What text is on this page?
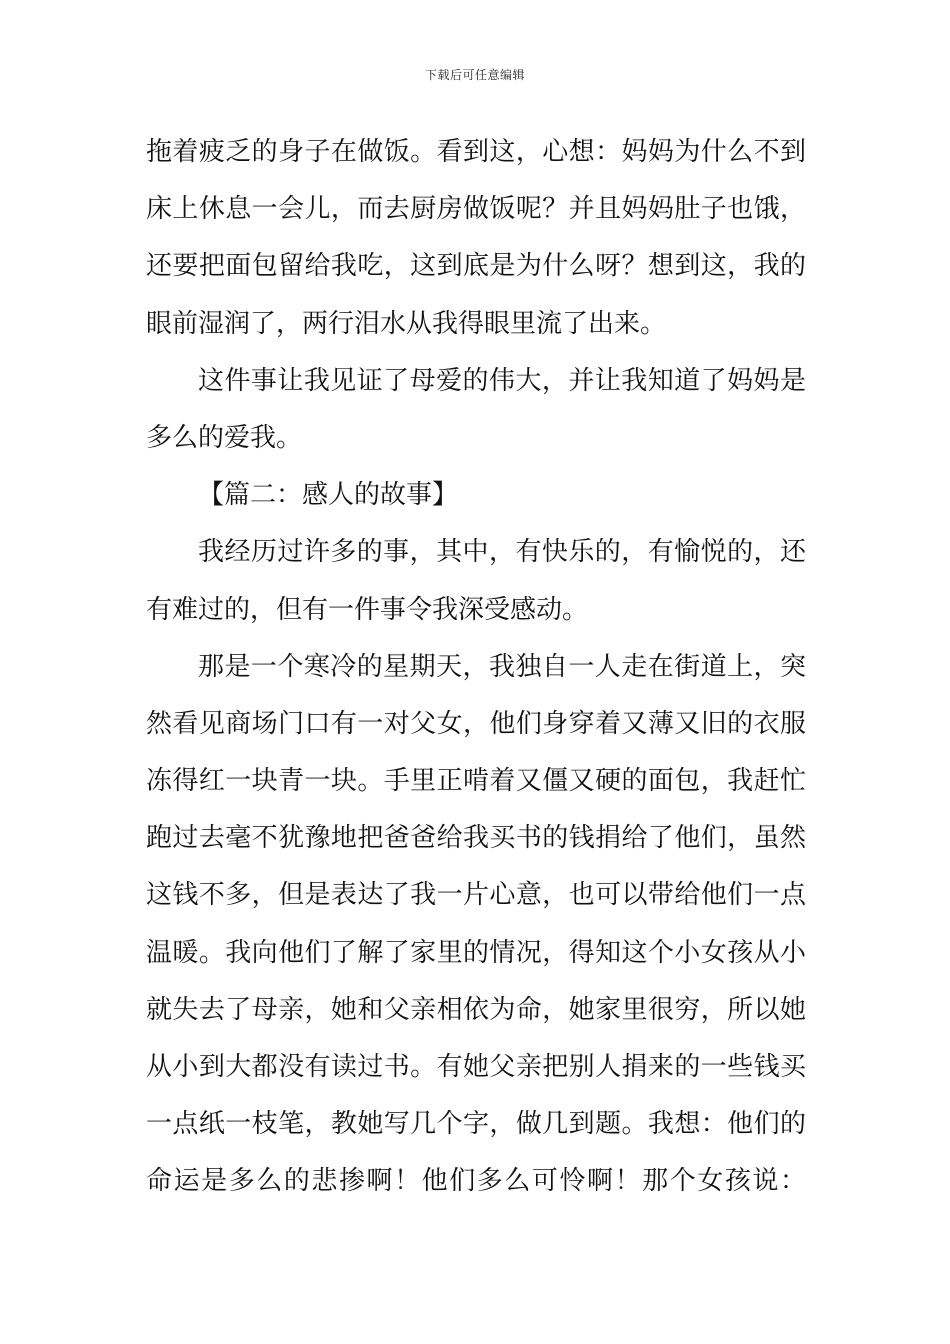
下载后可任意编辑
拖着疲乏的身子在做饭。看到这，心想：妈妈为什么不到
床上休息一会儿，而去厨房做饭呢？并且妈妈肚子也饿，
还要把面包留给我吃，这到底是为什么呀？想到这，我的
眼前湿润了，两行泪水从我得眼里流了出来。
这件事让我见证了母爱的伟大，并让我知道了妈妈是
多么的爱我。
【篇二：感人的故事】
我经历过许多的事，其中，有快乐的，有愉悦的，还
有难过的，但有一件事令我深受感动。
那是一个寒冷的星期天，我独自一人走在街道上，突
然看见商场门口有一对父女，他们身穿着又薄又旧的衣服
冻得红一块青一块。手里正啃着又僵又硬的面包，我赶忙
跑过去毫不犹豫地把爸爸给我买书的钱捐给了他们，虽然
这钱不多，但是表达了我一片心意，也可以带给他们一点
温暖。我向他们了解了家里的情况，得知这个小女孩从小
就失去了母亲，她和父亲相依为命，她家里很穷，所以她
从小到大都没有读过书。有她父亲把别人捐来的一些钱买
一点纸一枝笔，教她写几个字，做几到题。我想：他们的
命运是多么的悲掺啊！他们多么可怜啊！那个女孩说：
